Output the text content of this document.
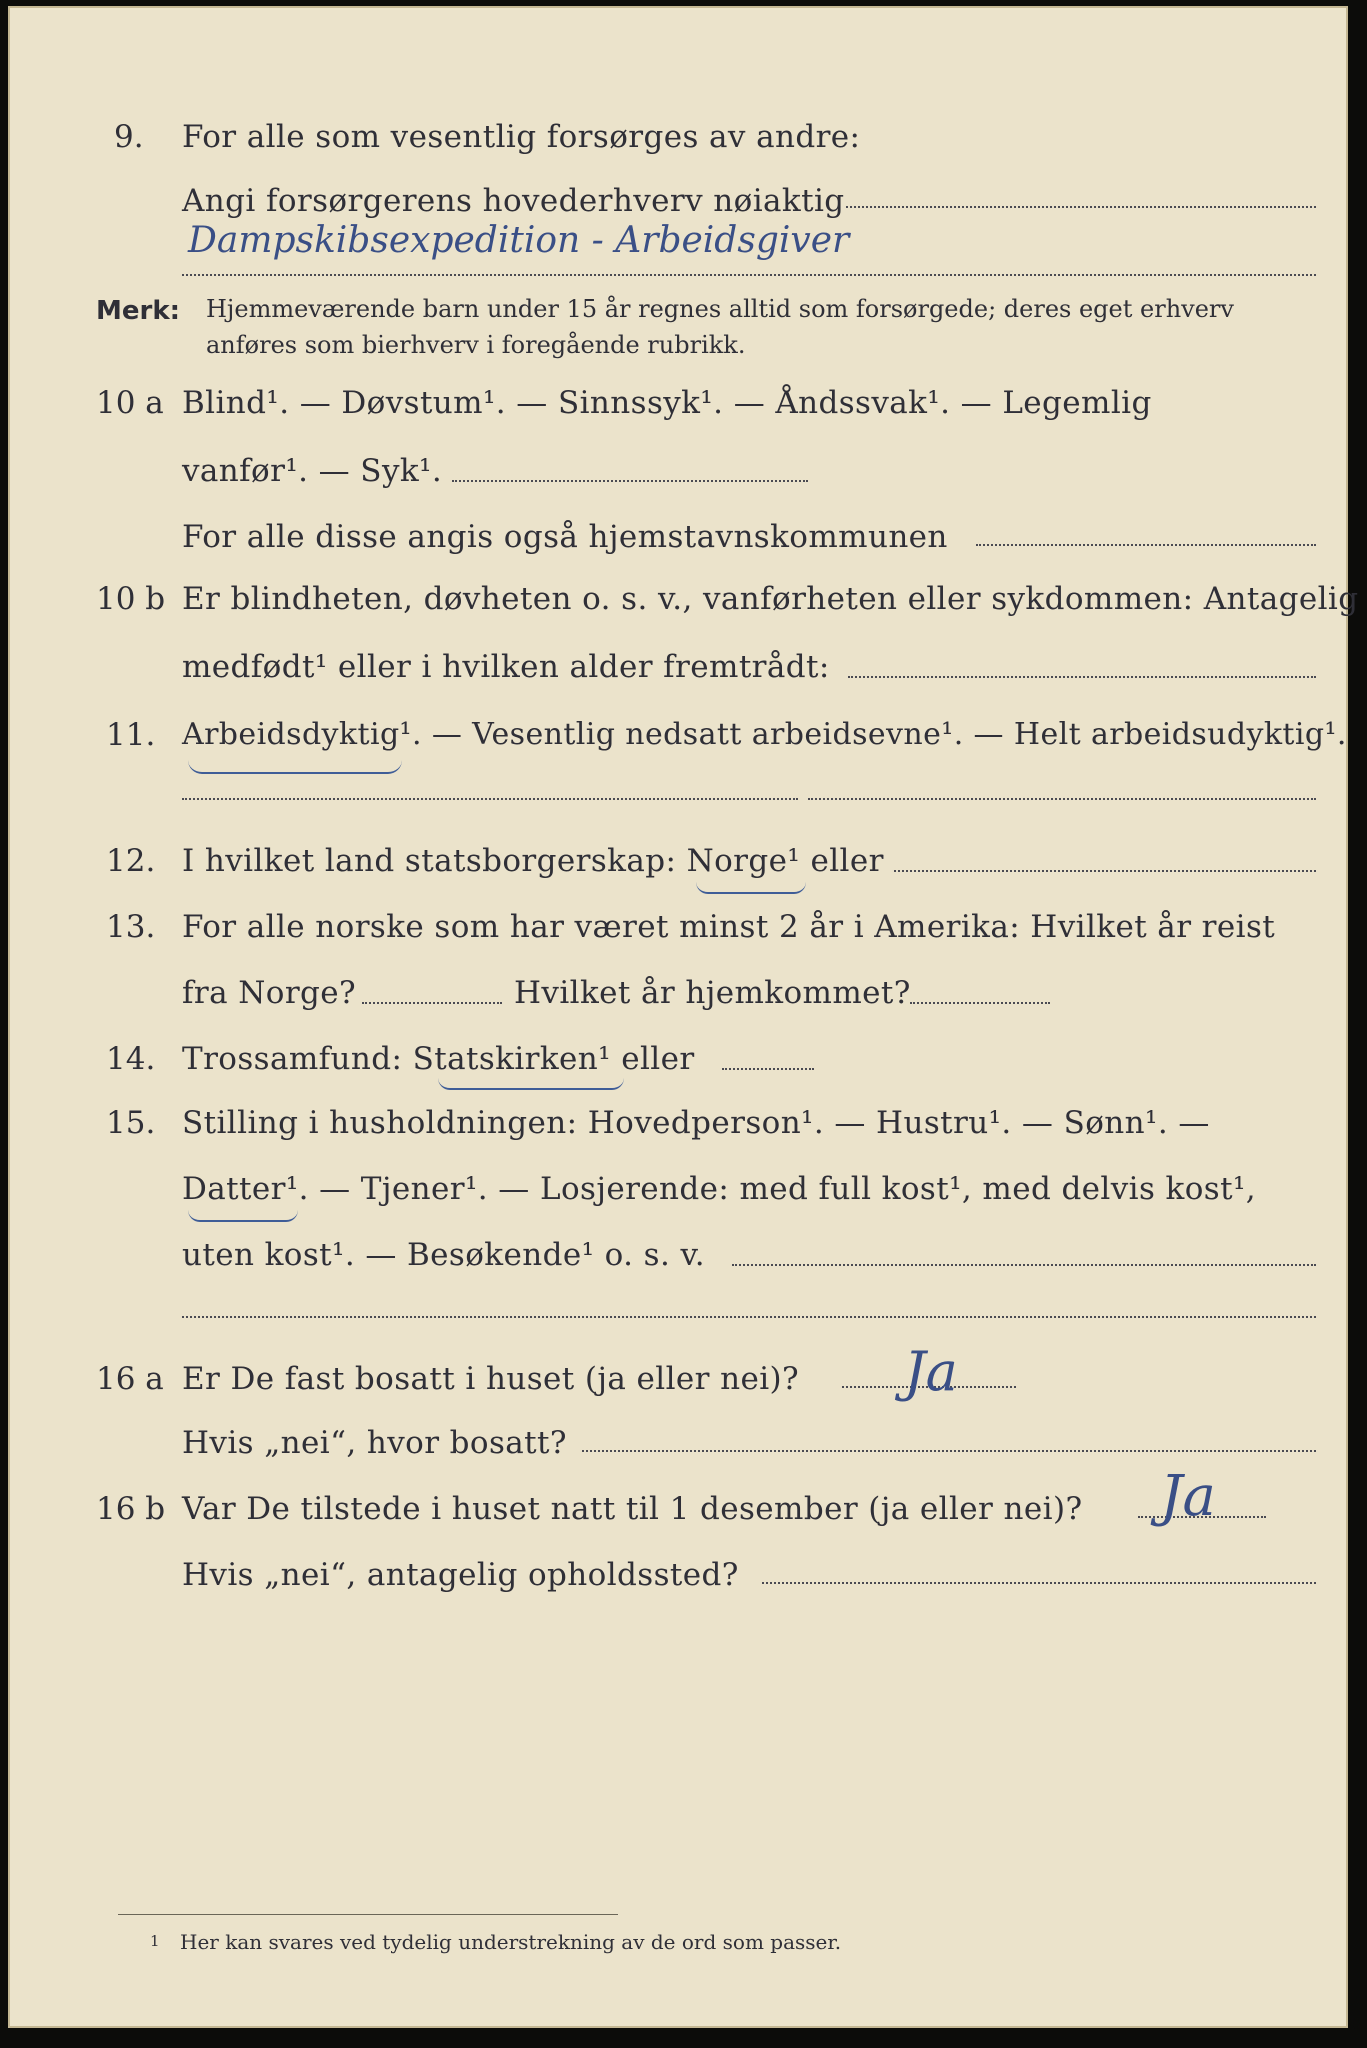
9. For alle som vesentlig forsørges av andre:
Angi forsørgerens hovederhverv nøiaktig
Dampskibsexpedition - Arbeidsgiver
Merk: Hjemmeværende barn under 15 år regnes alltid som forsørgede; deres eget erhverv
anføres som bierhverv i foregående rubrikk.
10 a Blind¹. — Døvstum¹. — Sinnssyk¹. — Åndssvak¹. — Legemlig
vanfør¹. — Syk¹.
For alle disse angis også hjemstavnskommunen
10 b Er blindheten, døvheten o. s. v., vanførheten eller sykdommen: Antagelig
medfødt¹ eller i hvilken alder fremtrådt:
11. Arbeidsdyktig¹. — Vesentlig nedsatt arbeidsevne¹. — Helt arbeidsudyktig¹.
12. I hvilket land statsborgerskap: Norge¹ eller
13. For alle norske som har været minst 2 år i Amerika: Hvilket år reist
fra Norge?	Hvilket år hjemkommet?
14. Trossamfund: Statskirken¹ eller
15. Stilling i husholdningen: Hovedperson¹. — Hustru¹. — Sønn¹. —
Datter¹. — Tjener¹. — Losjerende: med full kost¹, med delvis kost¹,
uten kost¹. — Besøkende¹ o. s. v.
16 a Er De fast bosatt i huset (ja eller nei)? Ja
Hvis „nei“, hvor bosatt?
16 b Var De tilstede i huset natt til 1 desember (ja eller nei)? Ja
Hvis „nei“, antagelig opholdssted?
1 Her kan svares ved tydelig understrekning av de ord som passer.
